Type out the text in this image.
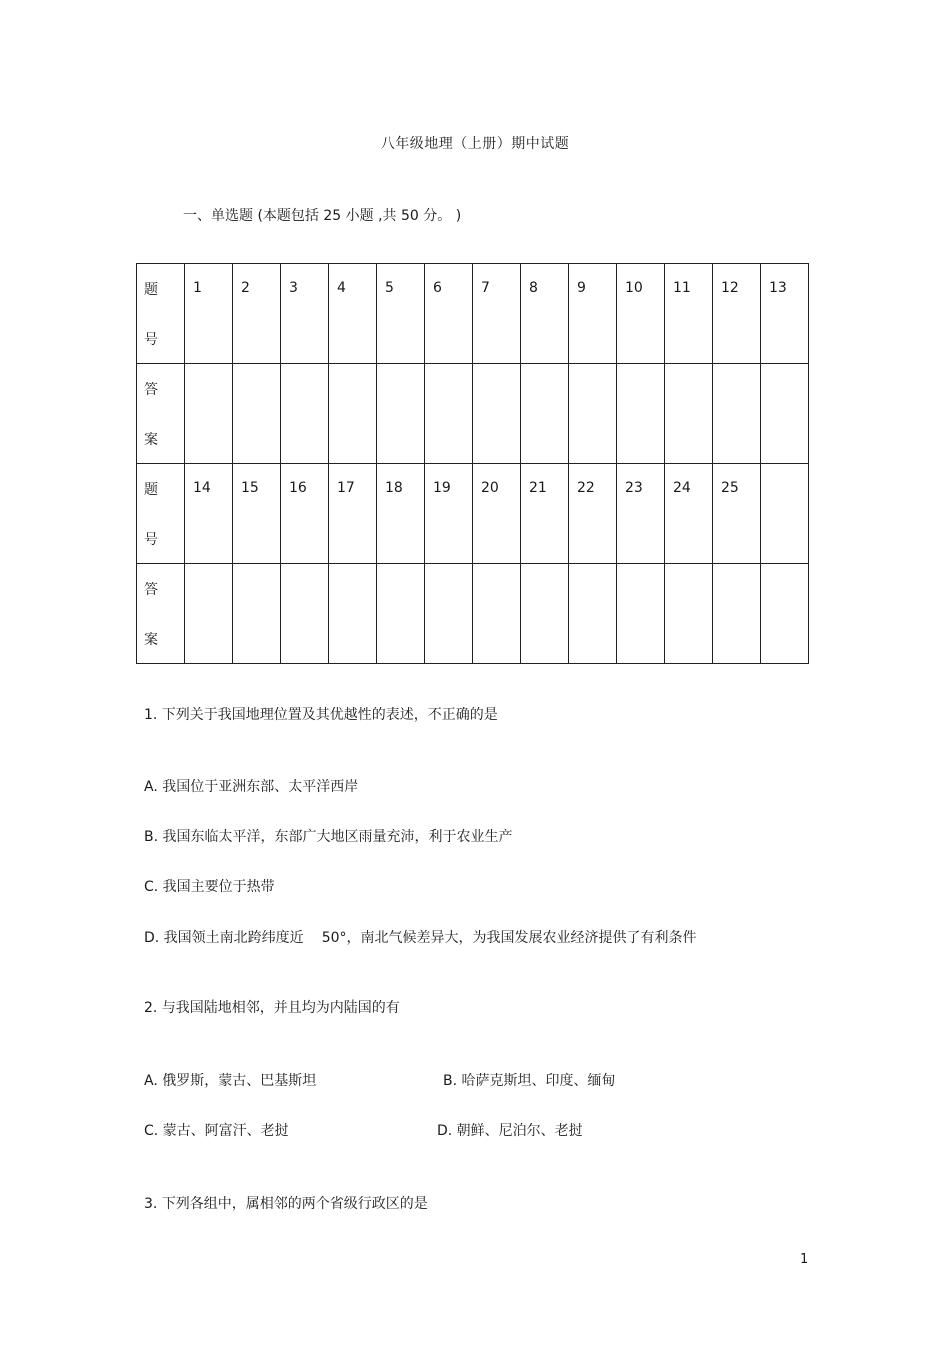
八年级地理（上册）期中试题
一、单选题 (本题包括 25 小题 ,共 50 分。 )
题
号	1	2	3	4	5	6	7	8	9	10	11	12	13

答
案													

题
号	14	15	16	17	18	19	20	21	22	23	24	25	

答
案													

1. 下列关于我国地理位置及其优越性的表述，不正确的是
A. 我国位于亚洲东部、太平洋西岸
B. 我国东临太平洋，东部广大地区雨量充沛，利于农业生产
C. 我国主要位于热带
D. 我国领土南北跨纬度近 50°，南北气候差异大，为我国发展农业经济提供了有利条件
2. 与我国陆地相邻，并且均为内陆国的有
A. 俄罗斯，蒙古、巴基斯坦	B. 哈萨克斯坦、印度、缅甸
C. 蒙古、阿富汗、老挝	D. 朝鲜、尼泊尔、老挝
3. 下列各组中，属相邻的两个省级行政区的是
1
